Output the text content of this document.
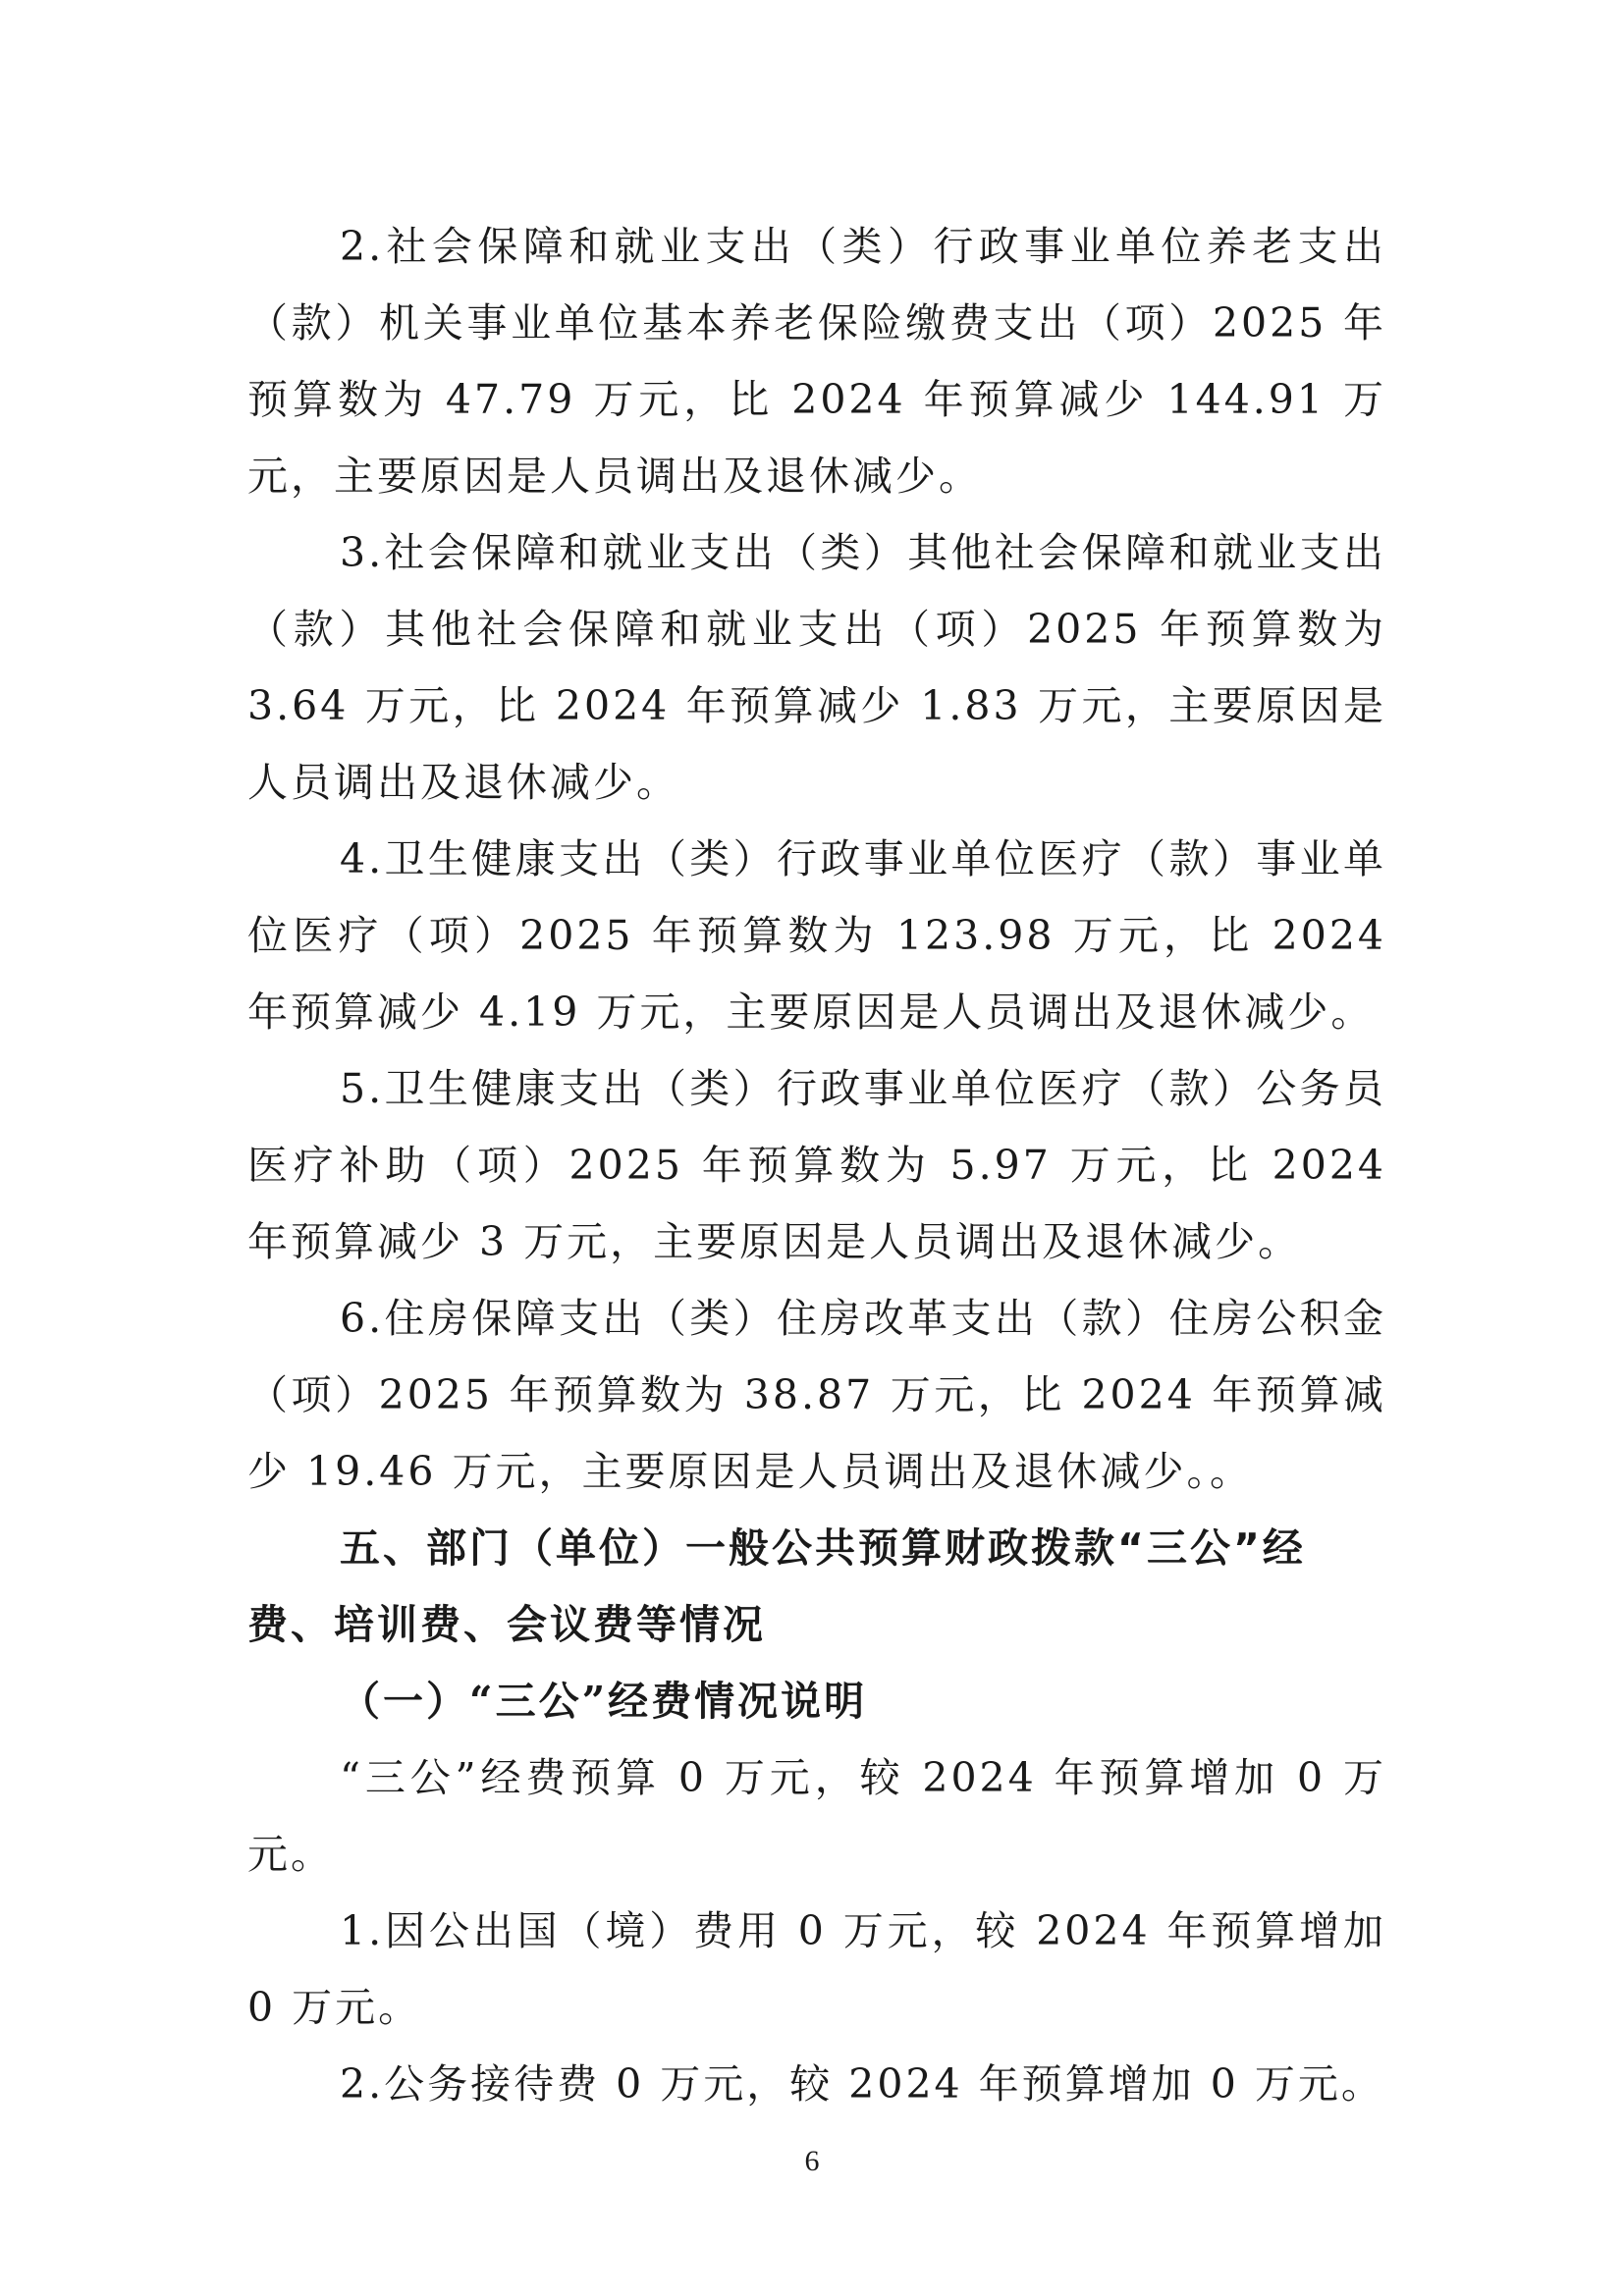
2.社会保障和就业支出（类）行政事业单位养老支出（款）机关事业单位基本养老保险缴费支出（项）2025 年预算数为 47.79 万元，比 2024 年预算减少 144.91 万元，主要原因是人员调出及退休减少。

3.社会保障和就业支出（类）其他社会保障和就业支出（款）其他社会保障和就业支出（项）2025 年预算数为 3.64 万元，比 2024 年预算减少 1.83 万元，主要原因是人员调出及退休减少。

4.卫生健康支出（类）行政事业单位医疗（款）事业单位医疗（项）2025 年预算数为 123.98 万元，比 2024 年预算减少 4.19 万元，主要原因是人员调出及退休减少。

5.卫生健康支出（类）行政事业单位医疗（款）公务员医疗补助（项）2025 年预算数为 5.97 万元，比 2024 年预算减少 3 万元，主要原因是人员调出及退休减少。

6.住房保障支出（类）住房改革支出（款）住房公积金（项）2025 年预算数为 38.87 万元，比 2024 年预算减少 19.46 万元，主要原因是人员调出及退休减少。。

五、部门（单位）一般公共预算财政拨款“三公”经费、培训费、会议费等情况
（一）“三公”经费情况说明

“三公”经费预算 0 万元，较 2024 年预算增加 0 万元。

1.因公出国（境）费用 0 万元，较 2024 年预算增加 0 万元。

2.公务接待费 0 万元，较 2024 年预算增加 0 万元。

6
